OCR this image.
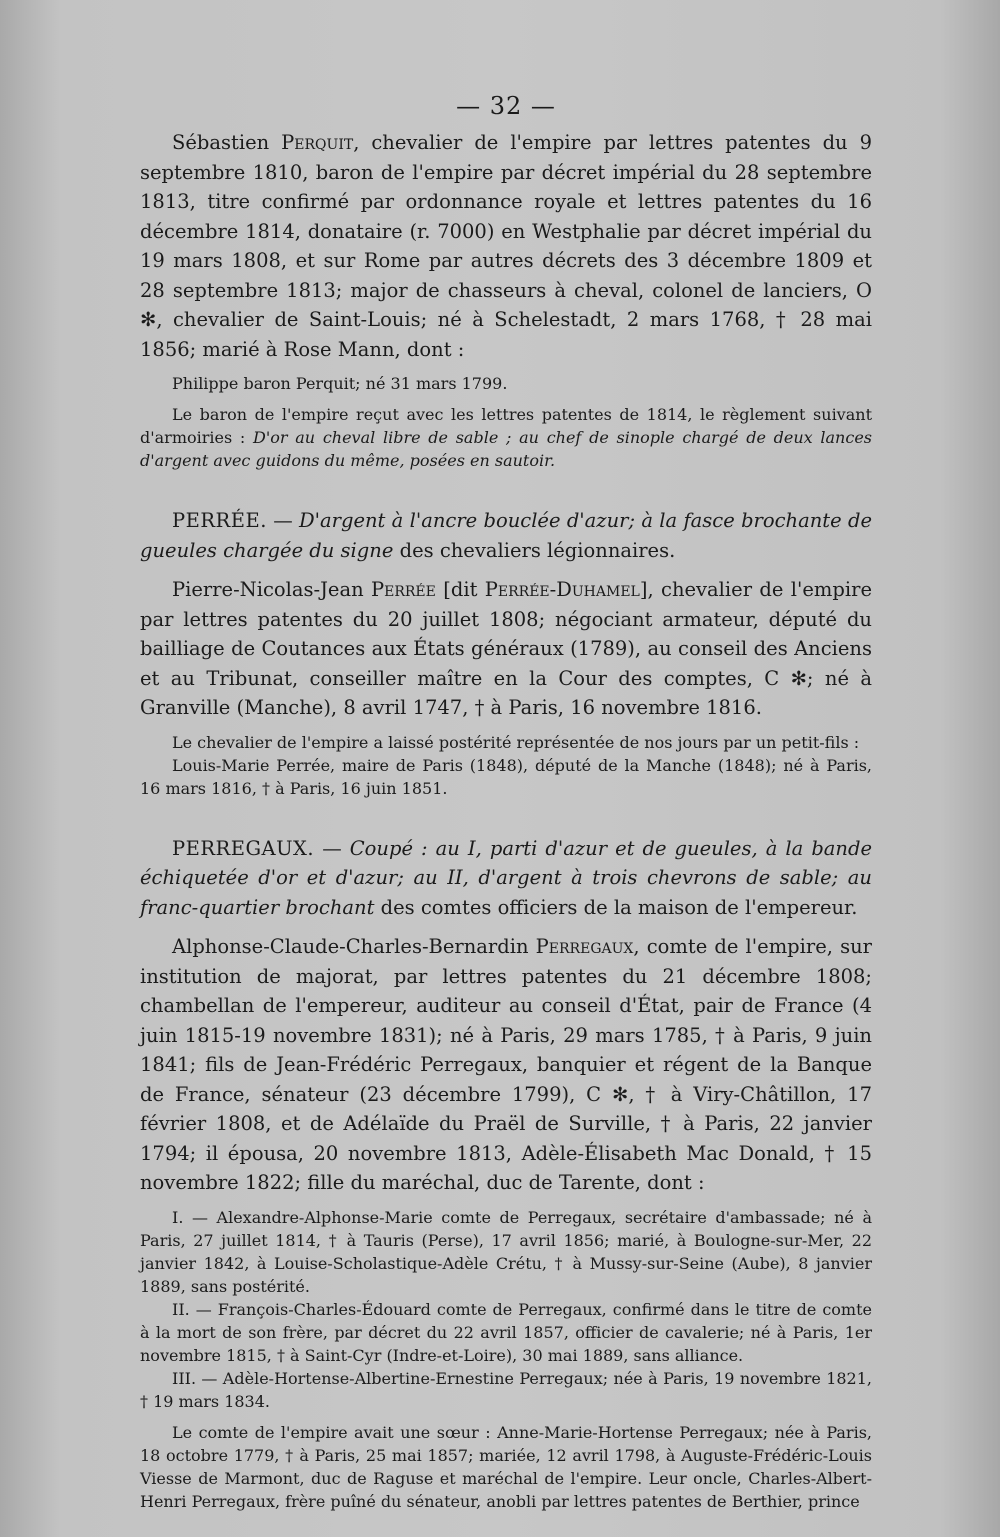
— 32 —

Sébastien Perquit, chevalier de l'empire par lettres patentes du 9 septembre 1810, baron de l'empire par décret impérial du 28 septembre 1813, titre confirmé par ordonnance royale et lettres patentes du 16 décembre 1814, donataire (r. 7000) en Westphalie par décret impérial du 19 mars 1808, et sur Rome par autres décrets des 3 décembre 1809 et 28 septembre 1813; major de chasseurs à cheval, colonel de lanciers, O ✻, chevalier de Saint-Louis; né à Schelestadt, 2 mars 1768, † 28 mai 1856; marié à Rose Mann, dont :

Philippe baron Perquit; né 31 mars 1799.

Le baron de l'empire reçut avec les lettres patentes de 1814, le règlement suivant d'armoiries : D'or au cheval libre de sable ; au chef de sinople chargé de deux lances d'argent avec guidons du même, posées en sautoir.

PERRÉE. — D'argent à l'ancre bouclée d'azur; à la fasce brochante de gueules chargée du signe des chevaliers légionnaires.

Pierre-Nicolas-Jean Perrée [dit Perrée-Duhamel], chevalier de l'empire par lettres patentes du 20 juillet 1808; négociant armateur, député du bailliage de Coutances aux États généraux (1789), au conseil des Anciens et au Tribunat, conseiller maître en la Cour des comptes, C ✻; né à Granville (Manche), 8 avril 1747, † à Paris, 16 novembre 1816.

Le chevalier de l'empire a laissé postérité représentée de nos jours par un petit-fils :

Louis-Marie Perrée, maire de Paris (1848), député de la Manche (1848); né à Paris, 16 mars 1816, † à Paris, 16 juin 1851.

PERREGAUX. — Coupé : au I, parti d'azur et de gueules, à la bande échiquetée d'or et d'azur; au II, d'argent à trois chevrons de sable; au franc-quartier brochant des comtes officiers de la maison de l'empereur.

Alphonse-Claude-Charles-Bernardin Perregaux, comte de l'empire, sur institution de majorat, par lettres patentes du 21 décembre 1808; chambellan de l'empereur, auditeur au conseil d'État, pair de France (4 juin 1815-19 novembre 1831); né à Paris, 29 mars 1785, † à Paris, 9 juin 1841; fils de Jean-Frédéric Perregaux, banquier et régent de la Banque de France, sénateur (23 décembre 1799), C ✻, † à Viry-Châtillon, 17 février 1808, et de Adélaïde du Praël de Surville, † à Paris, 22 janvier 1794; il épousa, 20 novembre 1813, Adèle-Élisabeth Mac Donald, † 15 novembre 1822; fille du maréchal, duc de Tarente, dont :

I. — Alexandre-Alphonse-Marie comte de Perregaux, secrétaire d'ambassade; né à Paris, 27 juillet 1814, † à Tauris (Perse), 17 avril 1856; marié, à Boulogne-sur-Mer, 22 janvier 1842, à Louise-Scholastique-Adèle Crétu, † à Mussy-sur-Seine (Aube), 8 janvier 1889, sans postérité.

II. — François-Charles-Édouard comte de Perregaux, confirmé dans le titre de comte à la mort de son frère, par décret du 22 avril 1857, officier de cavalerie; né à Paris, 1er novembre 1815, † à Saint-Cyr (Indre-et-Loire), 30 mai 1889, sans alliance.

III. — Adèle-Hortense-Albertine-Ernestine Perregaux; née à Paris, 19 novembre 1821, † 19 mars 1834.

Le comte de l'empire avait une sœur : Anne-Marie-Hortense Perregaux; née à Paris, 18 octobre 1779, † à Paris, 25 mai 1857; mariée, 12 avril 1798, à Auguste-Frédéric-Louis Viesse de Marmont, duc de Raguse et maréchal de l'empire. Leur oncle, Charles-Albert-Henri Perregaux, frère puîné du sénateur, anobli par lettres patentes de Berthier, prince
